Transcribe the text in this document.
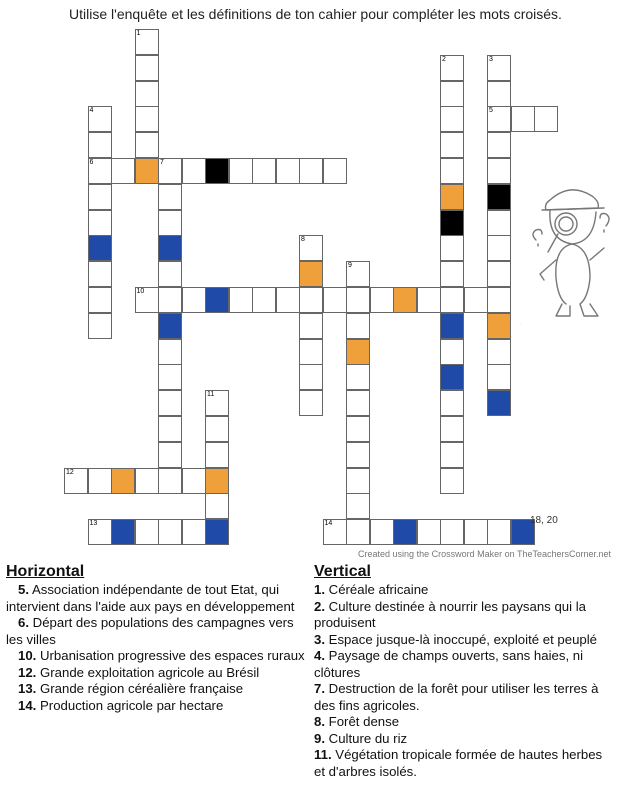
Utilise l'enquête et les définitions de ton cahier pour compléter les mots croisés.
1
2	3
4	5
6	7
8
9
10
11
12
13	14	18, 20
Created using the Crossword Maker on TheTeachersCorner.net
·
Horizontal
5. Association indépendante de tout Etat, qui intervient dans l'aide aux pays en développement
6. Départ des populations des campagnes vers les villes
10. Urbanisation progressive des espaces ruraux
12. Grande exploitation agricole au Brésil
13. Grande région céréalière française
14. Production agricole par hectare
Vertical
1. Céréale africaine
2. Culture destinée à nourrir les paysans qui la produisent
3. Espace jusque-là inoccupé, exploité et peuplé
4. Paysage de champs ouverts, sans haies, ni clôtures
7. Destruction de la forêt pour utiliser les terres à des fins agricoles.
8. Forêt dense
9. Culture du riz
11. Végétation tropicale formée de hautes herbes et d'arbres isolés.
